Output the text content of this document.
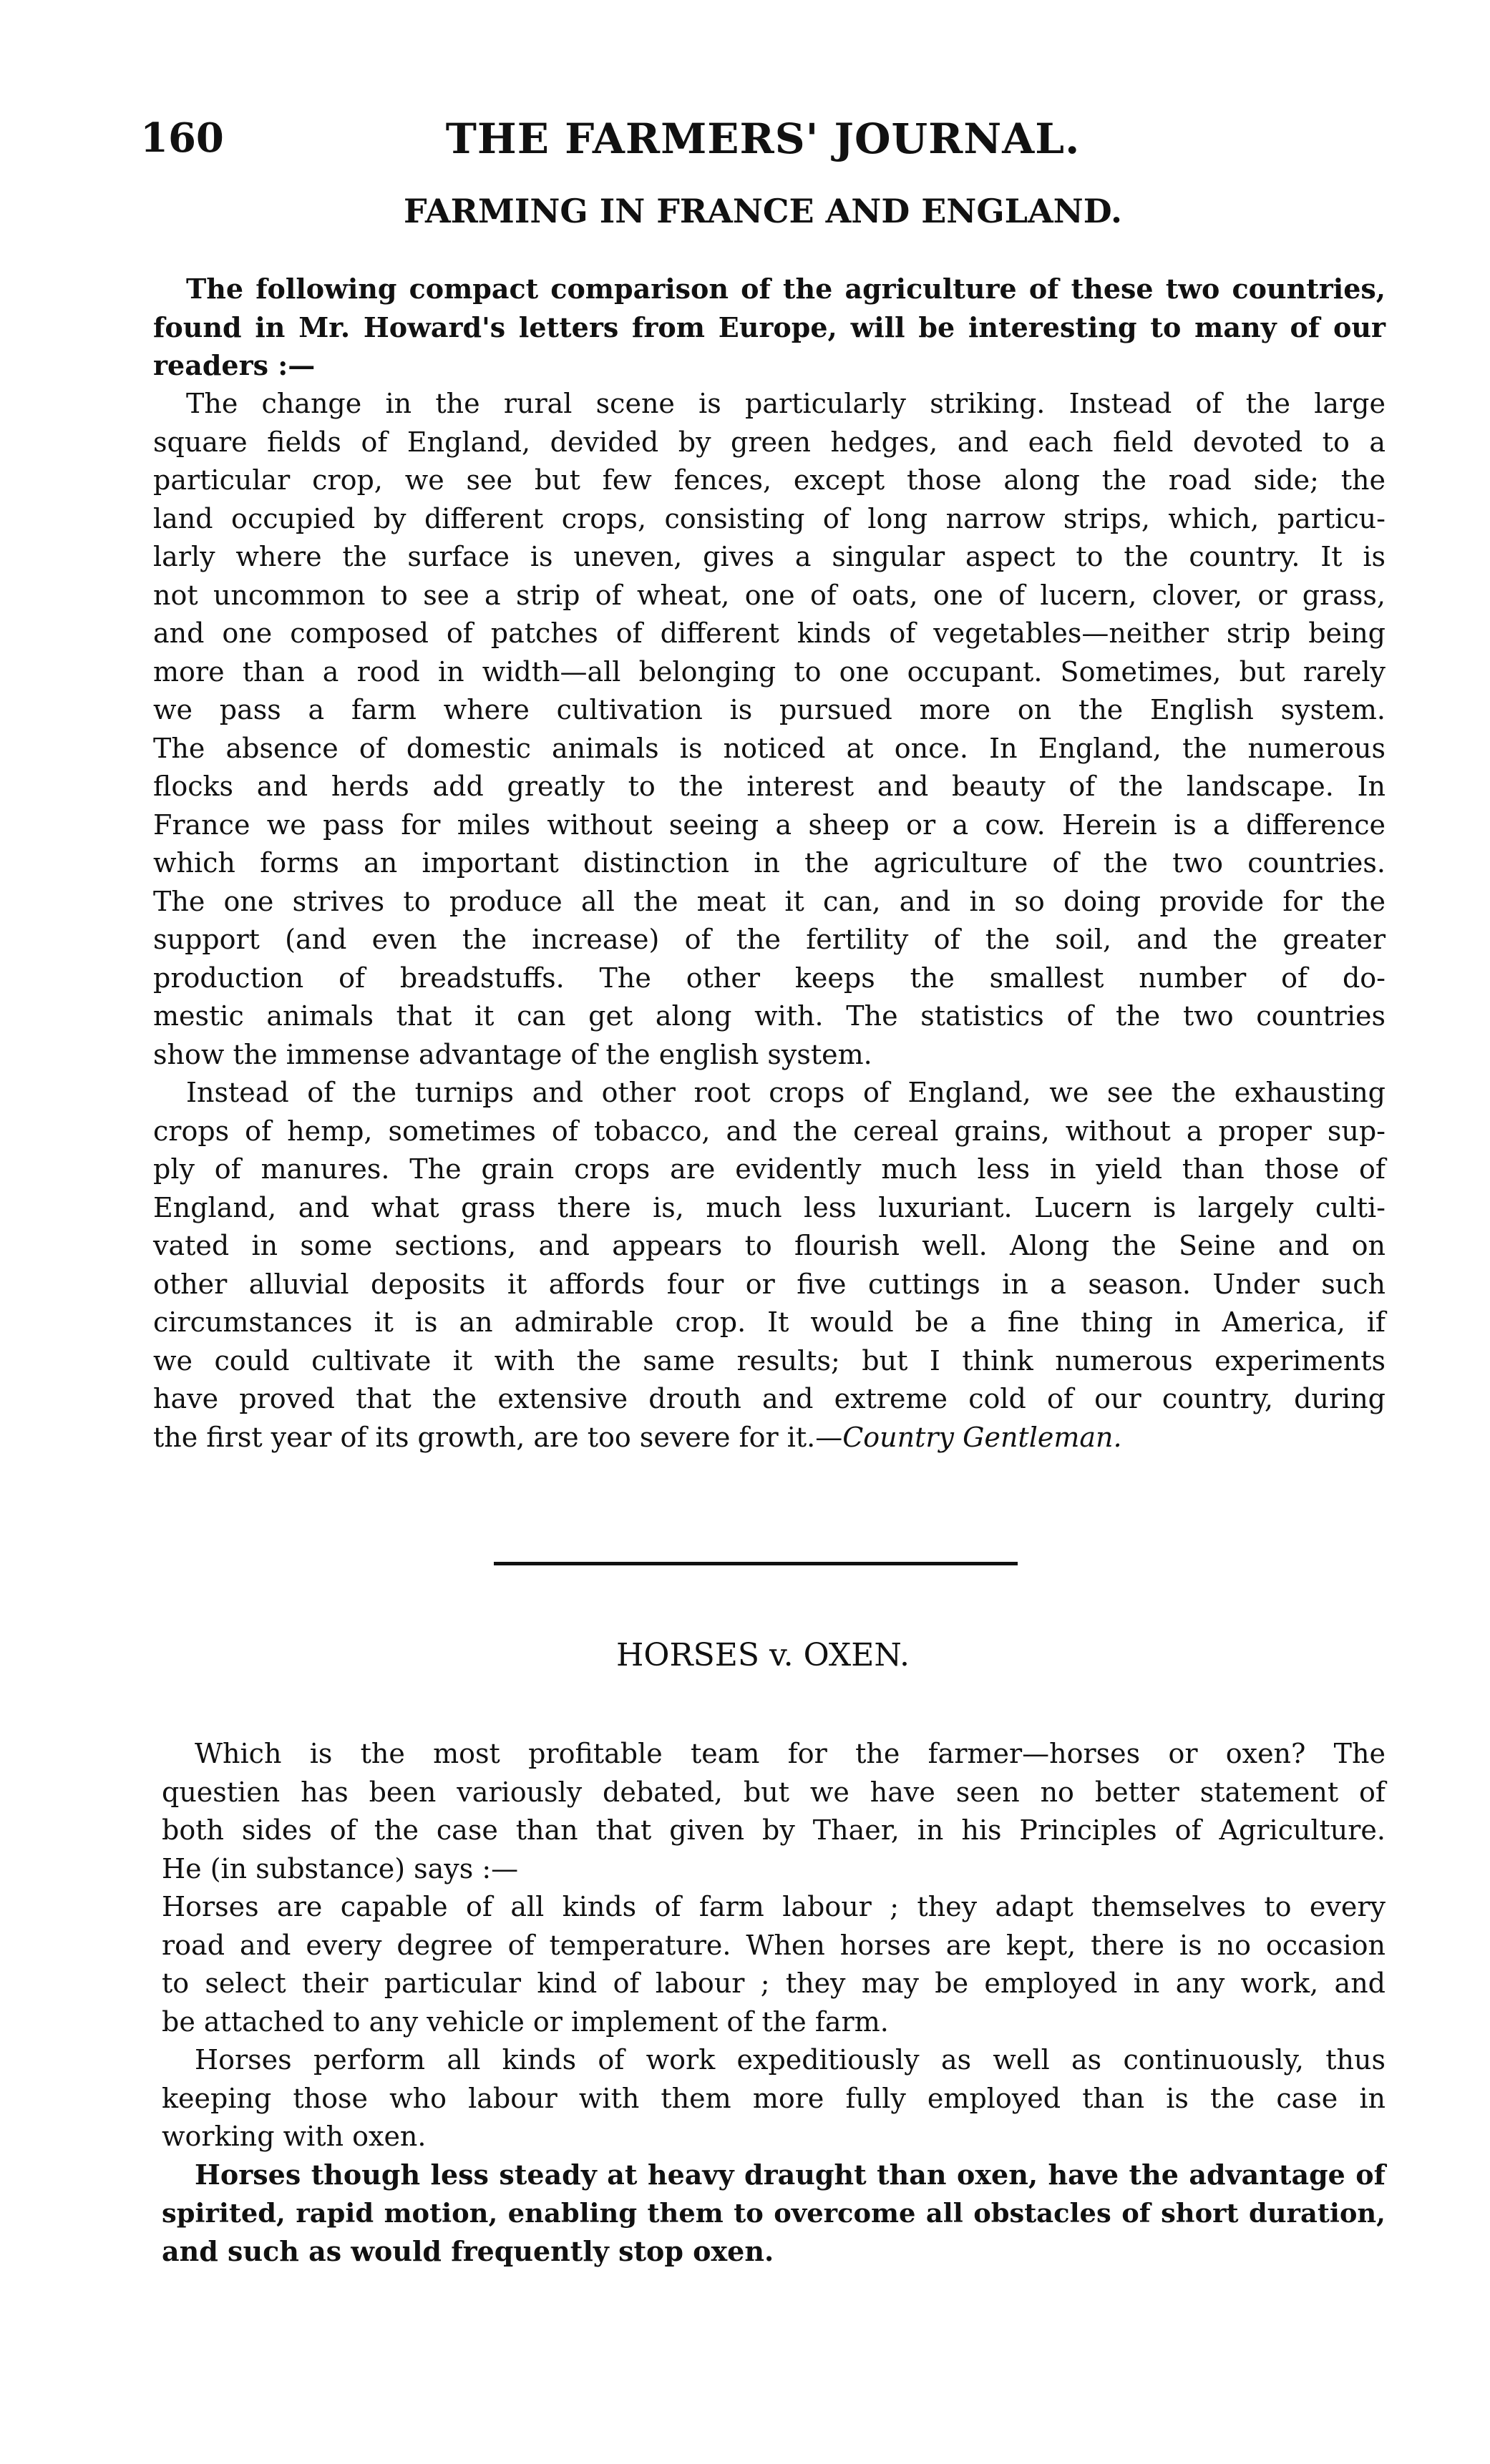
160	THE FARMERS' JOURNAL.
FARMING IN FRANCE AND ENGLAND.
The following compact comparison of the agriculture of these two countries,
found in Mr. Howard's letters from Europe, will be interesting to many of our
readers :—
The change in the rural scene is particularly striking. Instead of the large
square fields of England, devided by green hedges, and each field devoted to a
particular crop, we see but few fences, except those along the road side; the
land occupied by different crops, consisting of long narrow strips, which, particu-
larly where the surface is uneven, gives a singular aspect to the country. It is
not uncommon to see a strip of wheat, one of oats, one of lucern, clover, or grass,
and one composed of patches of different kinds of vegetables—neither strip being
more than a rood in width—all belonging to one occupant. Sometimes, but rarely
we pass a farm where cultivation is pursued more on the English system.
The absence of domestic animals is noticed at once. In England, the numerous
flocks and herds add greatly to the interest and beauty of the landscape. In
France we pass for miles without seeing a sheep or a cow. Herein is a difference
which forms an important distinction in the agriculture of the two countries.
The one strives to produce all the meat it can, and in so doing provide for the
support (and even the increase) of the fertility of the soil, and the greater
production of breadstuffs. The other keeps the smallest number of do-
mestic animals that it can get along with. The statistics of the two countries
show the immense advantage of the english system.
Instead of the turnips and other root crops of England, we see the exhausting
crops of hemp, sometimes of tobacco, and the cereal grains, without a proper sup-
ply of manures. The grain crops are evidently much less in yield than those of
England, and what grass there is, much less luxuriant. Lucern is largely culti-
vated in some sections, and appears to flourish well. Along the Seine and on
other alluvial deposits it affords four or five cuttings in a season. Under such
circumstances it is an admirable crop. It would be a fine thing in America, if
we could cultivate it with the same results; but I think numerous experiments
have proved that the extensive drouth and extreme cold of our country, during
the first year of its growth, are too severe for it.—Country Gentleman.
HORSES v. OXEN.
Which is the most profitable team for the farmer—horses or oxen? The
questien has been variously debated, but we have seen no better statement of
both sides of the case than that given by Thaer, in his Principles of Agriculture.
He (in substance) says :—
Horses are capable of all kinds of farm labour ; they adapt themselves to every
road and every degree of temperature. When horses are kept, there is no occasion
to select their particular kind of labour ; they may be employed in any work, and
be attached to any vehicle or implement of the farm.
Horses perform all kinds of work expeditiously as well as continuously, thus
keeping those who labour with them more fully employed than is the case in
working with oxen.
Horses though less steady at heavy draught than oxen, have the advantage of
spirited, rapid motion, enabling them to overcome all obstacles of short duration,
and such as would frequently stop oxen.
